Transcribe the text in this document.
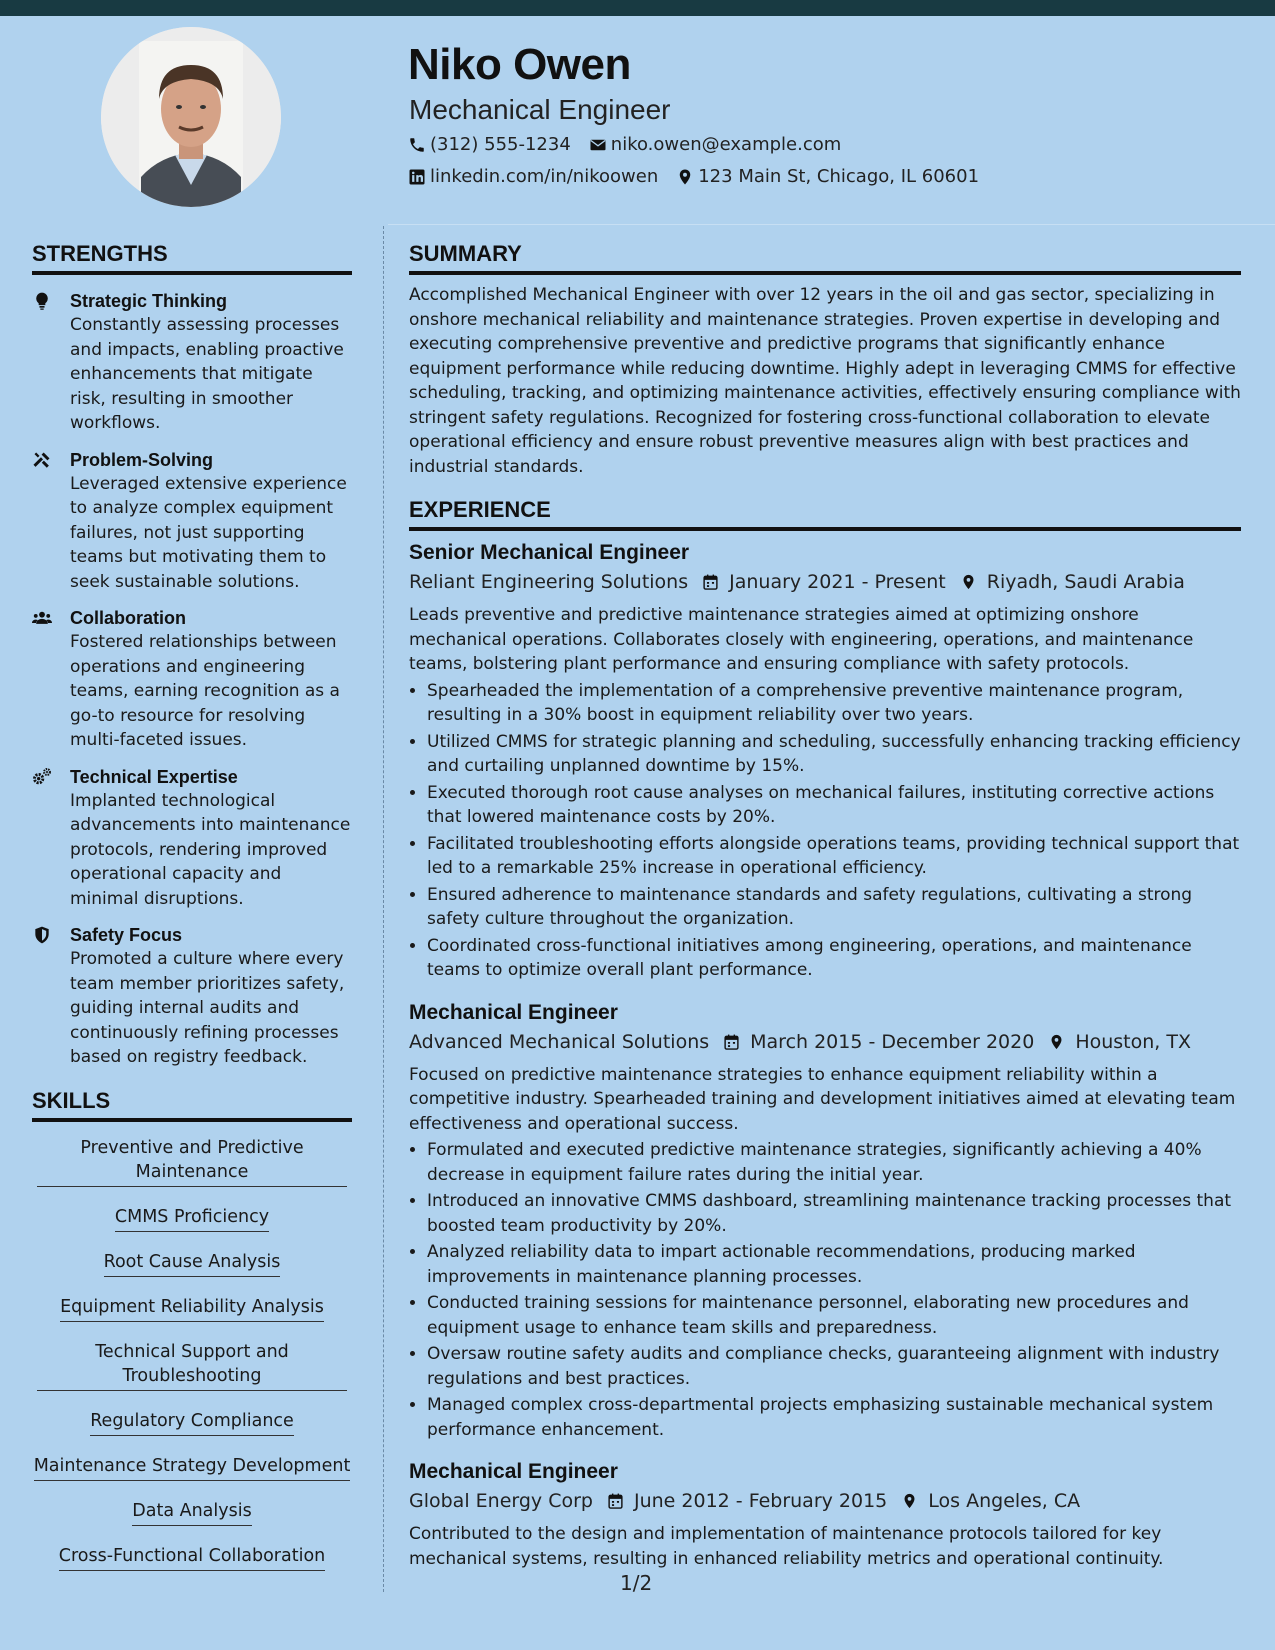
Niko Owen
Mechanical Engineer
(312) 555-1234 niko.owen@example.com
linkedin.com/in/nikoowen 123 Main St, Chicago, IL 60601
STRENGTHS
Strategic Thinking
Constantly assessing processes and impacts, enabling proactive enhancements that mitigate risk, resulting in smoother workflows.
Problem-Solving
Leveraged extensive experience to analyze complex equipment failures, not just supporting teams but motivating them to seek sustainable solutions.
Collaboration
Fostered relationships between operations and engineering teams, earning recognition as a go-to resource for resolving multi-faceted issues.
Technical Expertise
Implanted technological advancements into maintenance protocols, rendering improved operational capacity and minimal disruptions.
Safety Focus
Promoted a culture where every team member prioritizes safety, guiding internal audits and continuously refining processes based on registry feedback.
SKILLS
Preventive and Predictive Maintenance
CMMS Proficiency
Root Cause Analysis
Equipment Reliability Analysis
Technical Support and Troubleshooting
Regulatory Compliance
Maintenance Strategy Development
Data Analysis
Cross-Functional Collaboration
SUMMARY
Accomplished Mechanical Engineer with over 12 years in the oil and gas sector, specializing in onshore mechanical reliability and maintenance strategies. Proven expertise in developing and executing comprehensive preventive and predictive programs that significantly enhance equipment performance while reducing downtime. Highly adept in leveraging CMMS for effective scheduling, tracking, and optimizing maintenance activities, effectively ensuring compliance with stringent safety regulations. Recognized for fostering cross-functional collaboration to elevate operational efficiency and ensure robust preventive measures align with best practices and industrial standards.
EXPERIENCE
Senior Mechanical Engineer
Reliant Engineering Solutions January 2021 - Present Riyadh, Saudi Arabia
Leads preventive and predictive maintenance strategies aimed at optimizing onshore mechanical operations. Collaborates closely with engineering, operations, and maintenance teams, bolstering plant performance and ensuring compliance with safety protocols.
• Spearheaded the implementation of a comprehensive preventive maintenance program, resulting in a 30% boost in equipment reliability over two years.
• Utilized CMMS for strategic planning and scheduling, successfully enhancing tracking efficiency and curtailing unplanned downtime by 15%.
• Executed thorough root cause analyses on mechanical failures, instituting corrective actions that lowered maintenance costs by 20%.
• Facilitated troubleshooting efforts alongside operations teams, providing technical support that led to a remarkable 25% increase in operational efficiency.
• Ensured adherence to maintenance standards and safety regulations, cultivating a strong safety culture throughout the organization.
• Coordinated cross-functional initiatives among engineering, operations, and maintenance teams to optimize overall plant performance.
Mechanical Engineer
Advanced Mechanical Solutions March 2015 - December 2020 Houston, TX
Focused on predictive maintenance strategies to enhance equipment reliability within a competitive industry. Spearheaded training and development initiatives aimed at elevating team effectiveness and operational success.
• Formulated and executed predictive maintenance strategies, significantly achieving a 40% decrease in equipment failure rates during the initial year.
• Introduced an innovative CMMS dashboard, streamlining maintenance tracking processes that boosted team productivity by 20%.
• Analyzed reliability data to impart actionable recommendations, producing marked improvements in maintenance planning processes.
• Conducted training sessions for maintenance personnel, elaborating new procedures and equipment usage to enhance team skills and preparedness.
• Oversaw routine safety audits and compliance checks, guaranteeing alignment with industry regulations and best practices.
• Managed complex cross-departmental projects emphasizing sustainable mechanical system performance enhancement.
Mechanical Engineer
Global Energy Corp June 2012 - February 2015 Los Angeles, CA
Contributed to the design and implementation of maintenance protocols tailored for key mechanical systems, resulting in enhanced reliability metrics and operational continuity.
1/2
